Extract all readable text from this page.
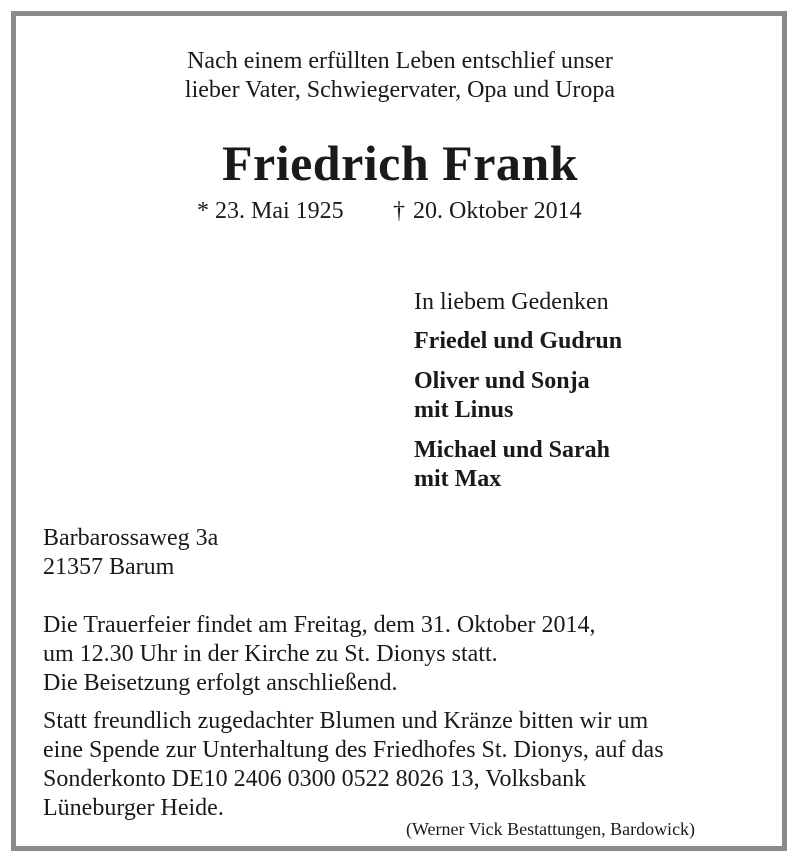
Nach einem erfüllten Leben entschlief unser
lieber Vater, Schwiegervater, Opa und Uropa
Friedrich Frank
* 23. Mai 1925 † 20. Oktober 2014
In liebem Gedenken
Friedel und Gudrun
Oliver und Sonja
mit Linus
Michael und Sarah
mit Max
Barbarossaweg 3a
21357 Barum
Die Trauerfeier findet am Freitag, dem 31. Oktober 2014,
um 12.30 Uhr in der Kirche zu St. Dionys statt.
Die Beisetzung erfolgt anschließend.
Statt freundlich zugedachter Blumen und Kränze bitten wir um
eine Spende zur Unterhaltung des Friedhofes St. Dionys, auf das
Sonderkonto DE10 2406 0300 0522 8026 13, Volksbank
Lüneburger Heide.
(Werner Vick Bestattungen, Bardowick)
